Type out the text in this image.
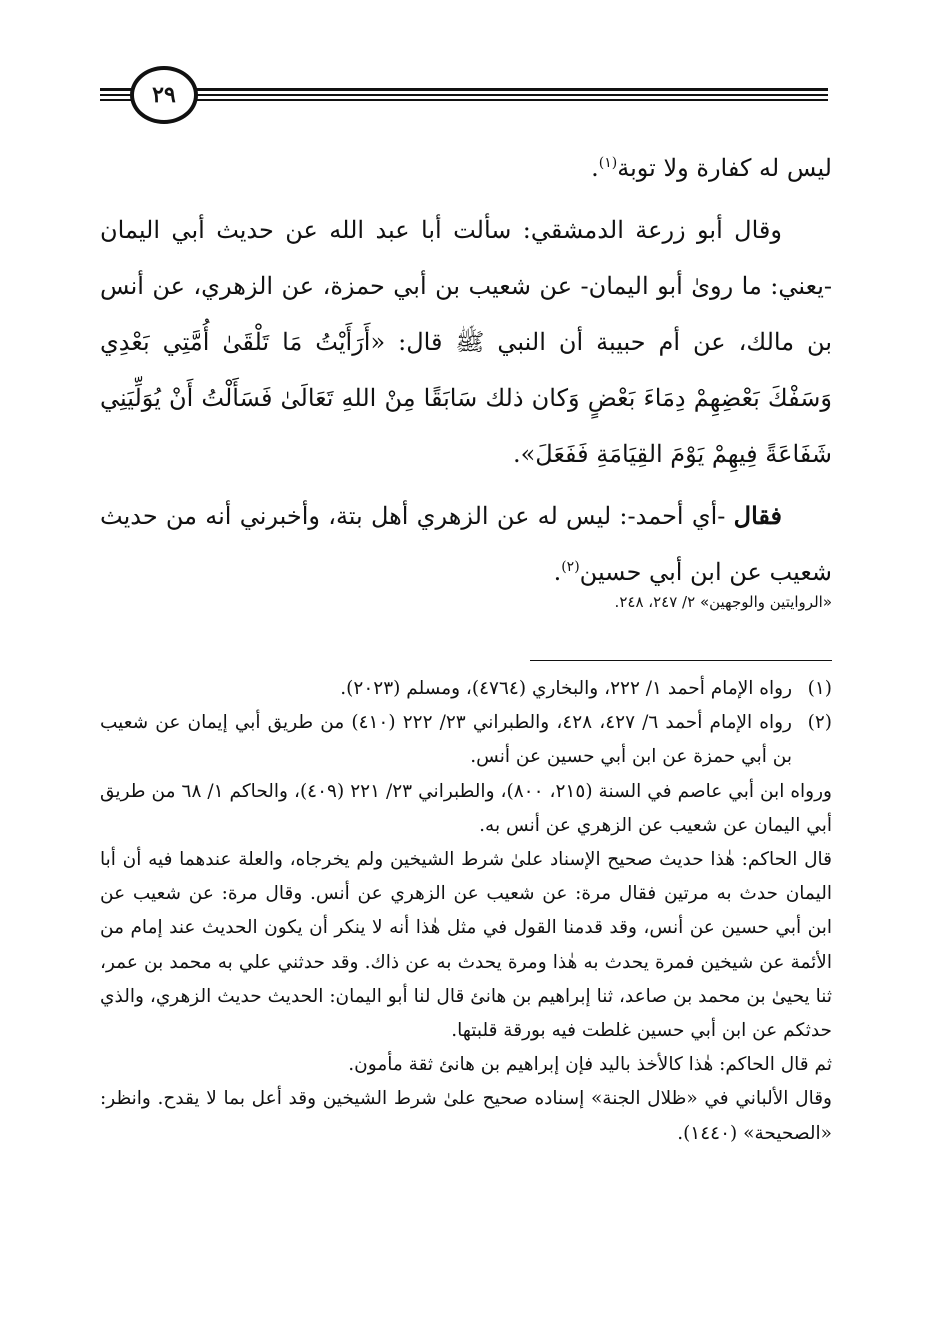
٢٩

ليس له كفارة ولا توبة$^{(١)}$.

وقال أبو زرعة الدمشقي: سألت أبا عبد الله عن حديث أبي اليمان -يعني: ما روىٰ أبو اليمان- عن شعيب بن أبي حمزة، عن الزهري، عن أنس بن مالك، عن أم حبيبة أن النبي ﷺ قال: «أَرَأَيْتُ مَا تَلْقَىٰ أُمَّتِي بَعْدِي وَسَفْكَ بَعْضِهِمْ دِمَاءَ بَعْضٍ وَكان ذلك سَابَقًا مِنْ اللهِ تَعَالَىٰ فَسَأَلْتُ أَنْ يُوَلِّيَنِي شَفَاعَةً فِيهِمْ يَوْمَ القِيَامَةِ فَفَعَلَ».

فقال -أي أحمد-: ليس له عن الزهري أهل بتة، وأخبرني أنه من حديث شعيب عن ابن أبي حسين$^{(٢)}$.

«الروايتين والوجهين» ٢/ ٢٤٧، ٢٤٨.
(١)
رواه الإمام أحمد ١/ ٢٢٢، والبخاري (٤٧٦٤)، ومسلم (٢٠٢٣).
(٢)
رواه الإمام أحمد ٦/ ٤٢٧، ٤٢٨، والطبراني ٢٣/ ٢٢٢ (٤١٠) من طريق أبي إيمان عن شعيب بن أبي حمزة عن ابن أبي حسين عن أنس.
ورواه ابن أبي عاصم في السنة (٢١٥، ٨٠٠)، والطبراني ٢٣/ ٢٢١ (٤٠٩)، والحاكم ١/ ٦٨ من طريق أبي اليمان عن شعيب عن الزهري عن أنس به.
قال الحاكم: هٰذا حديث صحيح الإسناد علىٰ شرط الشيخين ولم يخرجاه، والعلة عندهما فيه أن أبا اليمان حدث به مرتين فقال مرة: عن شعيب عن الزهري عن أنس. وقال مرة: عن شعيب عن ابن أبي حسين عن أنس، وقد قدمنا القول في مثل هٰذا أنه لا ينكر أن يكون الحديث عند إمام من الأئمة عن شيخين فمرة يحدث به هٰذا ومرة يحدث به عن ذاك. وقد حدثني علي به محمد بن عمر، ثنا يحيىٰ بن محمد بن صاعد، ثنا إبراهيم بن هانئ قال لنا أبو اليمان: الحديث حديث الزهري، والذي حدثكم عن ابن أبي حسين غلطت فيه بورقة قلبتها.
ثم قال الحاكم: هٰذا كالأخذ باليد فإن إبراهيم بن هانئ ثقة مأمون.
وقال الألباني في «ظلال الجنة» إسناده صحيح علىٰ شرط الشيخين وقد أعل بما لا يقدح. وانظر: «الصحيحة» (١٤٤٠).
